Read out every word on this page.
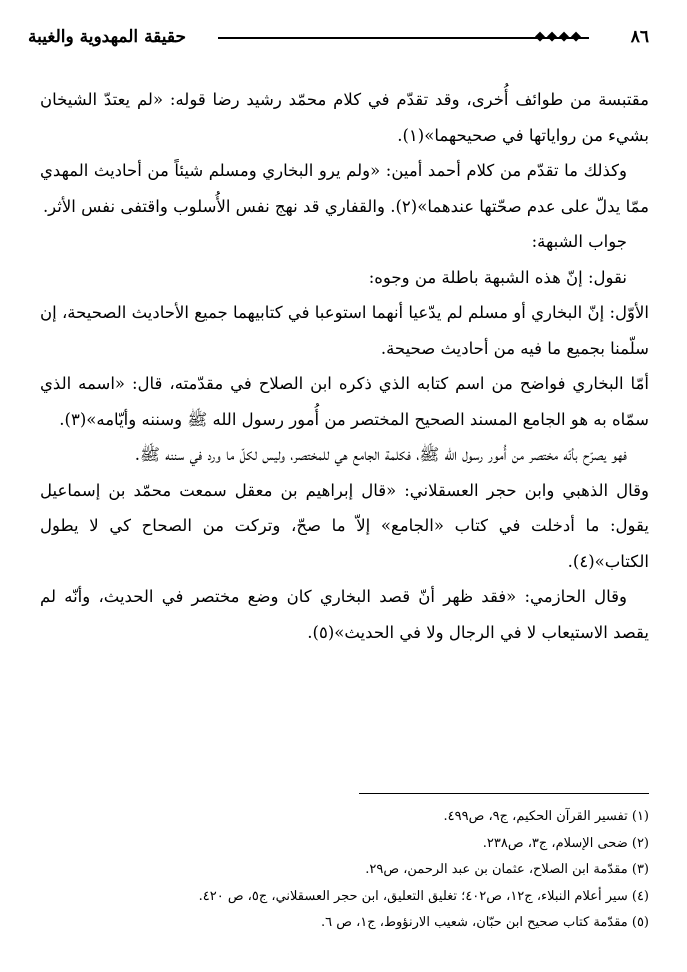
٨٦
◆◆◆◆
حقيقة المهدوية والغيبة

مقتبسة من طوائف أُخرى، وقد تقدّم في كلام محمّد رشيد رضا قوله: «لم يعتدّ الشيخان بشيء من رواياتها في صحيحهما»(١).

وكذلك ما تقدّم من كلام أحمد أمين: «ولم يرو البخاري ومسلم شيئاً من أحاديث المهدي ممّا يدلّ على عدم صحّتها عندهما»(٢). والقفاري قد نهج نفس الأُسلوب واقتفى نفس الأثر.

جواب الشبهة:

نقول: إنّ هذه الشبهة باطلة من وجوه:

الأوّل: إنّ البخاري أو مسلم لم يدّعيا أنهما استوعبا في كتابيهما جميع الأحاديث الصحيحة، إن سلّمنا بجميع ما فيه من أحاديث صحيحة.

أمّا البخاري فواضح من اسم كتابه الذي ذكره ابن الصلاح في مقدّمته، قال: «اسمه الذي سمّاه به هو الجامع المسند الصحيح المختصر من أُمور رسول الله ﷺ وسننه وأيّامه»(٣).

فهو يصرّح بأنّه مختصر من أُمور رسول الله ﷺ، فكلمة الجامع هي للمختصر، وليس لكلّ ما ورد في سننه ﷺ.

وقال الذهبي وابن حجر العسقلاني: «قال إبراهيم بن معقل سمعت محمّد بن إسماعيل يقول: ما أدخلت في كتاب «الجامع» إلاّ ما صحّ، وتركت من الصحاح كي لا يطول الكتاب»(٤).

وقال الحازمي: «فقد ظهر أنّ قصد البخاري كان وضع مختصر في الحديث، وأنّه لم يقصد الاستيعاب لا في الرجال ولا في الحديث»(٥).

(١) تفسير القرآن الحكيم، ج٩، ص٤٩٩.

(٢) ضحى الإسلام، ج٣، ص٢٣٨.

(٣) مقدّمة ابن الصلاح، عثمان بن عبد الرحمن، ص٢٩.

(٤) سير أعلام النبلاء، ج١٢، ص٤٠٢؛ تغليق التعليق، ابن حجر العسقلاني، ج٥، ص ٤٢٠.

(٥) مقدّمة كتاب صحيح ابن حبّان، شعيب الارنؤوط، ج١، ص ٦.
